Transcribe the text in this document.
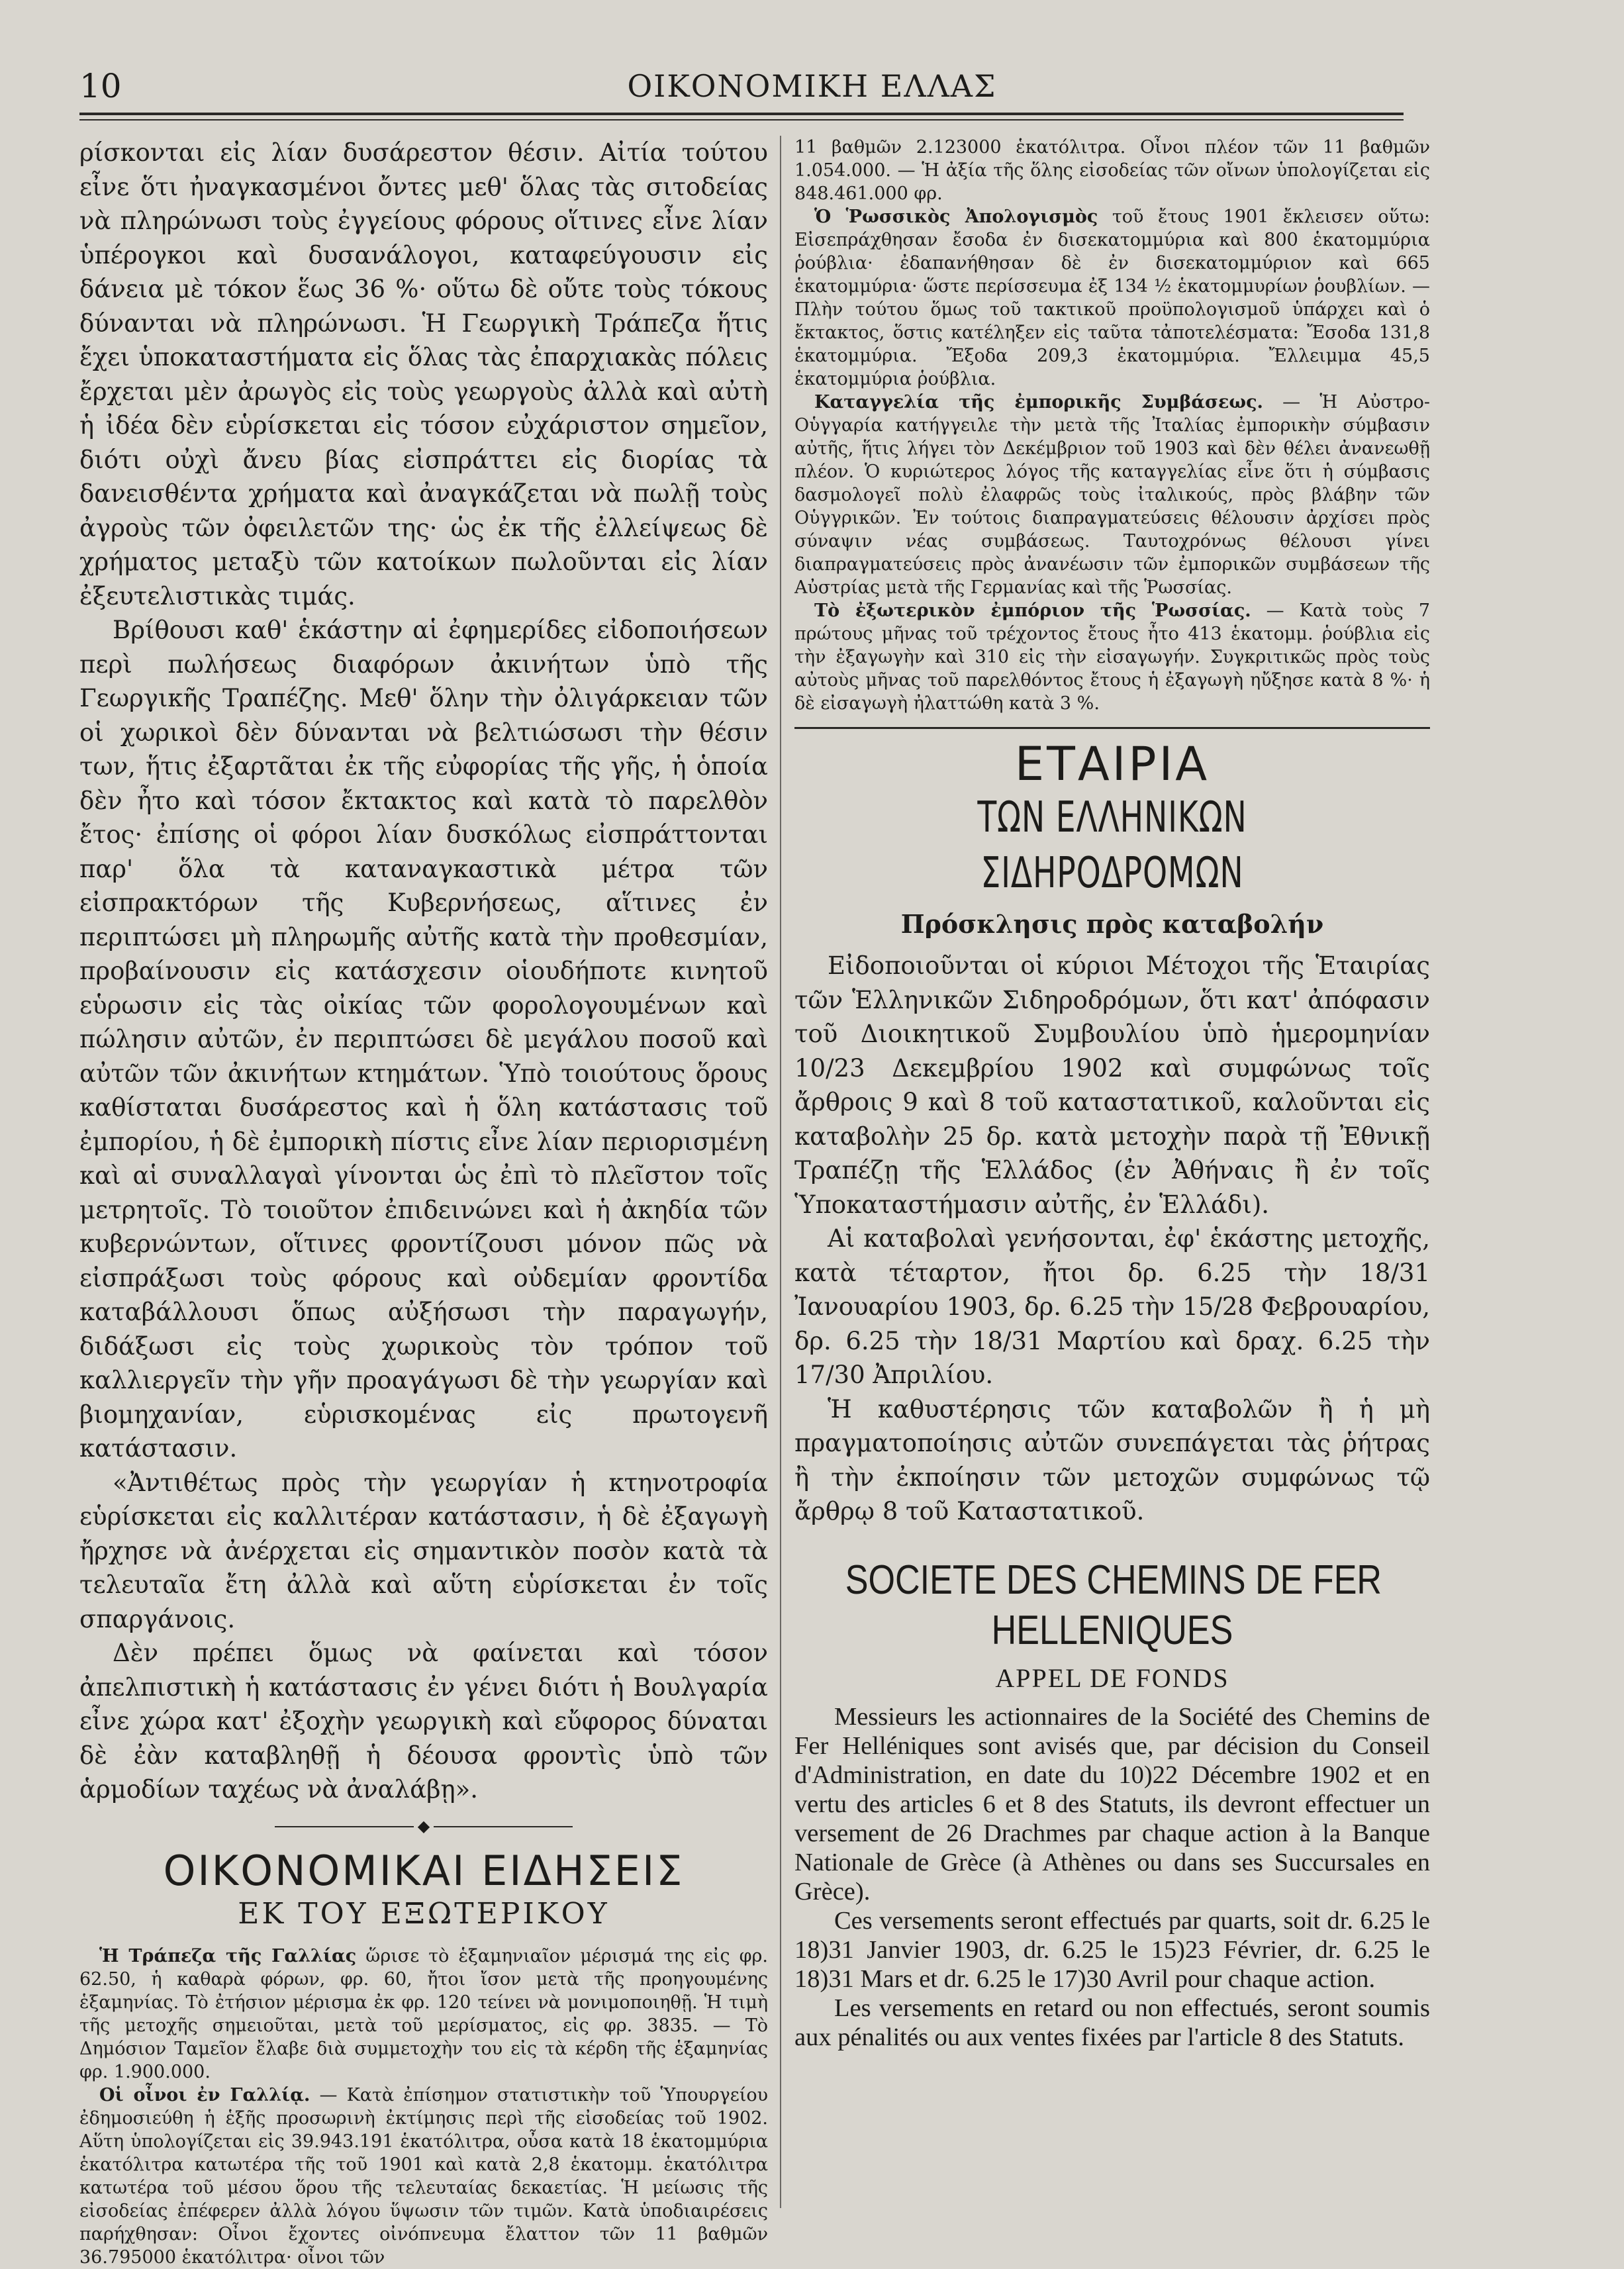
10	ΟΙΚΟΝΟΜΙΚΗ ΕΛΛΑΣ

ρίσκονται εἰς λίαν δυσάρεστον θέσιν. Αἰτία τούτου εἶνε ὅτι ἠναγκασμένοι ὄντες μεθ' ὅλας τὰς σιτοδείας νὰ πληρώνωσι τοὺς ἐγγείους φόρους οἵτινες εἶνε λίαν ὑπέρογκοι καὶ δυσανάλογοι, καταφεύγουσιν εἰς δάνεια μὲ τόκον ἕως 36 %· οὕτω δὲ οὔτε τοὺς τόκους δύνανται νὰ πληρώνωσι. Ἡ Γεωργικὴ Τράπεζα ἥτις ἔχει ὑποκαταστήματα εἰς ὅλας τὰς ἐπαρχιακὰς πόλεις ἔρχεται μὲν ἀρωγὸς εἰς τοὺς γεωργοὺς ἀλλὰ καὶ αὐτὴ ἡ ἰδέα δὲν εὑρίσκεται εἰς τόσον εὐχάριστον σημεῖον, διότι οὐχὶ ἄνευ βίας εἰσπράττει εἰς διορίας τὰ δανεισθέντα χρήματα καὶ ἀναγκάζεται νὰ πωλῇ τοὺς ἀγροὺς τῶν ὀφειλετῶν της· ὡς ἐκ τῆς ἐλλείψεως δὲ χρήματος μεταξὺ τῶν κατοίκων πωλοῦνται εἰς λίαν ἐξευτελιστικὰς τιμάς.

Βρίθουσι καθ' ἑκάστην αἱ ἐφημερίδες εἰδοποιήσεων περὶ πωλήσεως διαφόρων ἀκινήτων ὑπὸ τῆς Γεωργικῆς Τραπέζης. Μεθ' ὅλην τὴν ὀλιγάρκειαν τῶν οἱ χωρικοὶ δὲν δύνανται νὰ βελτιώσωσι τὴν θέσιν των, ἥτις ἐξαρτᾶται ἐκ τῆς εὐφορίας τῆς γῆς, ἡ ὁποία δὲν ἦτο καὶ τόσον ἔκτακτος καὶ κατὰ τὸ παρελθὸν ἔτος· ἐπίσης οἱ φόροι λίαν δυσκόλως εἰσπράττονται παρ' ὅλα τὰ καταναγκαστικὰ μέτρα τῶν εἰσπρακτόρων τῆς Κυβερνήσεως, αἵτινες ἐν περιπτώσει μὴ πληρωμῆς αὐτῆς κατὰ τὴν προθεσμίαν, προβαίνουσιν εἰς κατάσχεσιν οἱουδήποτε κινητοῦ εὑρωσιν εἰς τὰς οἰκίας τῶν φορολογουμένων καὶ πώλησιν αὐτῶν, ἐν περιπτώσει δὲ μεγάλου ποσοῦ καὶ αὐτῶν τῶν ἀκινήτων κτημάτων. Ὑπὸ τοιούτους ὅρους καθίσταται δυσάρεστος καὶ ἡ ὅλη κατάστασις τοῦ ἐμπορίου, ἡ δὲ ἐμπορικὴ πίστις εἶνε λίαν περιορισμένη καὶ αἱ συναλλαγαὶ γίνονται ὡς ἐπὶ τὸ πλεῖστον τοῖς μετρητοῖς. Τὸ τοιοῦτον ἐπιδεινώνει καὶ ἡ ἀκηδία τῶν κυβερνώντων, οἵτινες φροντίζουσι μόνον πῶς νὰ εἰσπράξωσι τοὺς φόρους καὶ οὐδεμίαν φροντίδα καταβάλλουσι ὅπως αὐξήσωσι τὴν παραγωγήν, διδάξωσι εἰς τοὺς χωρικοὺς τὸν τρόπον τοῦ καλλιεργεῖν τὴν γῆν προαγάγωσι δὲ τὴν γεωργίαν καὶ βιομηχανίαν, εὑρισκομένας εἰς πρωτογενῆ κατάστασιν.

«Ἀντιθέτως πρὸς τὴν γεωργίαν ἡ κτηνοτροφία εὑρίσκεται εἰς καλλιτέραν κατάστασιν, ἡ δὲ ἐξαγωγὴ ἤρχησε νὰ ἀνέρχεται εἰς σημαντικὸν ποσὸν κατὰ τὰ τελευταῖα ἔτη ἀλλὰ καὶ αὕτη εὑρίσκεται ἐν τοῖς σπαργάνοις.

Δὲν πρέπει ὅμως νὰ φαίνεται καὶ τόσον ἀπελπιστικὴ ἡ κατάστασις ἐν γένει διότι ἡ Βουλγαρία εἶνε χώρα κατ' ἐξοχὴν γεωργικὴ καὶ εὔφορος δύναται δὲ ἐὰν καταβληθῇ ἡ δέουσα φροντὶς ὑπὸ τῶν ἁρμοδίων ταχέως νὰ ἀναλάβῃ».

◆
ΟΙΚΟΝΟΜΙΚΑΙ ΕΙΔΗΣΕΙΣ
ΕΚ ΤΟΥ ΕΞΩΤΕΡΙΚΟΥ

Ἡ Τράπεζα τῆς Γαλλίας ὥρισε τὸ ἑξαμηνιαῖον μέρισμά της εἰς φρ. 62.50, ἡ καθαρὰ φόρων, φρ. 60, ἤτοι ἴσον μετὰ τῆς προηγουμένης ἑξαμηνίας. Τὸ ἐτήσιον μέρισμα ἐκ φρ. 120 τείνει νὰ μονιμοποιηθῇ. Ἡ τιμὴ τῆς μετοχῆς σημειοῦται, μετὰ τοῦ μερίσματος, εἰς φρ. 3835. — Τὸ Δημόσιον Ταμεῖον ἔλαβε διὰ συμμετοχὴν του εἰς τὰ κέρδη τῆς ἑξαμηνίας φρ. 1.900.000.

Οἱ οἶνοι ἐν Γαλλίᾳ. — Κατὰ ἐπίσημον στατιστικὴν τοῦ Ὑπουργείου ἐδημοσιεύθη ἡ ἑξῆς προσωρινὴ ἐκτίμησις περὶ τῆς εἰσοδείας τοῦ 1902. Αὕτη ὑπολογίζεται εἰς 39.943.191 ἑκατόλιτρα, οὖσα κατὰ 18 ἑκατομμύρια ἑκατόλιτρα κατωτέρα τῆς τοῦ 1901 καὶ κατὰ 2,8 ἑκατομμ. ἑκατόλιτρα κατωτέρα τοῦ μέσου ὅρου τῆς τελευταίας δεκαετίας. Ἡ μείωσις τῆς εἰσοδείας ἐπέφερεν ἀλλὰ λόγου ὕψωσιν τῶν τιμῶν. Κατὰ ὑποδιαιρέσεις παρήχθησαν: Οἶνοι ἔχοντες οἰνόπνευμα ἔλαττον τῶν 11 βαθμῶν 36.795000 ἑκατόλιτρα· οἶνοι τῶν

11 βαθμῶν 2.123000 ἑκατόλιτρα. Οἶνοι πλέον τῶν 11 βαθμῶν 1.054.000. — Ἡ ἀξία τῆς ὅλης εἰσοδείας τῶν οἴνων ὑπολογίζεται εἰς 848.461.000 φρ.

Ὁ Ῥωσσικὸς Ἀπολογισμὸς τοῦ ἔτους 1901 ἔκλεισεν οὕτω: Εἰσεπράχθησαν ἔσοδα ἐν δισεκατομμύρια καὶ 800 ἑκατομμύρια ῥούβλια· ἐδαπανήθησαν δὲ ἐν δισεκατομμύριον καὶ 665 ἑκατομμύρια· ὥστε περίσσευμα ἐξ 134 ½ ἑκατομμυρίων ῥουβλίων. — Πλὴν τούτου ὅμως τοῦ τακτικοῦ προϋπολογισμοῦ ὑπάρχει καὶ ὁ ἔκτακτος, ὅστις κατέληξεν εἰς ταῦτα τἀποτελέσματα: Ἔσοδα 131,8 ἑκατομμύρια. Ἔξοδα 209,3 ἑκατομμύρια. Ἔλλειμμα 45,5 ἑκατομμύρια ῥούβλια.

Καταγγελία τῆς ἐμπορικῆς Συμβάσεως. — Ἡ Αὐστρο-Οὑγγαρία κατήγγειλε τὴν μετὰ τῆς Ἰταλίας ἐμπορικὴν σύμβασιν αὐτῆς, ἥτις λήγει τὸν Δεκέμβριον τοῦ 1903 καὶ δὲν θέλει ἀνανεωθῇ πλέον. Ὁ κυριώτερος λόγος τῆς καταγγελίας εἶνε ὅτι ἡ σύμβασις δασμολογεῖ πολὺ ἐλαφρῶς τοὺς ἰταλικούς, πρὸς βλάβην τῶν Οὑγγρικῶν. Ἐν τούτοις διαπραγματεύσεις θέλουσιν ἀρχίσει πρὸς σύναψιν νέας συμβάσεως. Ταυτοχρόνως θέλουσι γίνει διαπραγματεύσεις πρὸς ἀνανέωσιν τῶν ἐμπορικῶν συμβάσεων τῆς Αὐστρίας μετὰ τῆς Γερμανίας καὶ τῆς Ῥωσσίας.

Τὸ ἐξωτερικὸν ἐμπόριον τῆς Ῥωσσίας. — Κατὰ τοὺς 7 πρώτους μῆνας τοῦ τρέχοντος ἔτους ἦτο 413 ἑκατομμ. ῥούβλια εἰς τὴν ἐξαγωγὴν καὶ 310 εἰς τὴν εἰσαγωγήν. Συγκριτικῶς πρὸς τοὺς αὐτοὺς μῆνας τοῦ παρελθόντος ἔτους ἡ ἐξαγωγὴ ηὔξησε κατὰ 8 %· ἡ δὲ εἰσαγωγὴ ἠλαττώθη κατὰ 3 %.

ΕΤΑΙΡΙΑ
ΤΩΝ ΕΛΛΗΝΙΚΩΝ ΣΙΔΗΡΟΔΡΟΜΩΝ
Πρόσκλησις πρὸς καταβολήν

Εἰδοποιοῦνται οἱ κύριοι Μέτοχοι τῆς Ἑταιρίας τῶν Ἑλληνικῶν Σιδηροδρόμων, ὅτι κατ' ἀπόφασιν τοῦ Διοικητικοῦ Συμβουλίου ὑπὸ ἡμερομηνίαν 10/23 Δεκεμβρίου 1902 καὶ συμφώνως τοῖς ἄρθροις 9 καὶ 8 τοῦ καταστατικοῦ, καλοῦνται εἰς καταβολὴν 25 δρ. κατὰ μετοχὴν παρὰ τῇ Ἐθνικῇ Τραπέζῃ τῆς Ἑλλάδος (ἐν Ἀθήναις ἢ ἐν τοῖς Ὑποκαταστήμασιν αὐτῆς, ἐν Ἑλλάδι).

Αἱ καταβολαὶ γενήσονται, ἐφ' ἑκάστης μετοχῆς, κατὰ τέταρτον, ἤτοι δρ. 6.25 τὴν 18/31 Ἰανουαρίου 1903, δρ. 6.25 τὴν 15/28 Φεβρουαρίου, δρ. 6.25 τὴν 18/31 Μαρτίου καὶ δραχ. 6.25 τὴν 17/30 Ἀπριλίου.

Ἡ καθυστέρησις τῶν καταβολῶν ἢ ἡ μὴ πραγματοποίησις αὐτῶν συνεπάγεται τὰς ῥήτρας ἢ τὴν ἐκποίησιν τῶν μετοχῶν συμφώνως τῷ ἄρθρῳ 8 τοῦ Καταστατικοῦ.

SOCIETE DES CHEMINS DE FER
HELLENIQUES
APPEL DE FONDS

Messieurs les actionnaires de la Société des Chemins de Fer Helléniques sont avisés que, par décision du Conseil d'Administration, en date du 10)22 Décembre 1902 et en vertu des articles 6 et 8 des Statuts, ils devront effectuer un versement de 26 Drachmes par chaque action à la Banque Nationale de Grèce (à Athènes ou dans ses Succursales en Grèce).

Ces versements seront effectués par quarts, soit dr. 6.25 le 18)31 Janvier 1903, dr. 6.25 le 15)23 Février, dr. 6.25 le 18)31 Mars et dr. 6.25 le 17)30 Avril pour chaque action.

Les versements en retard ou non effectués, seront soumis aux pénalités ou aux ventes fixées par l'article 8 des Statuts.
